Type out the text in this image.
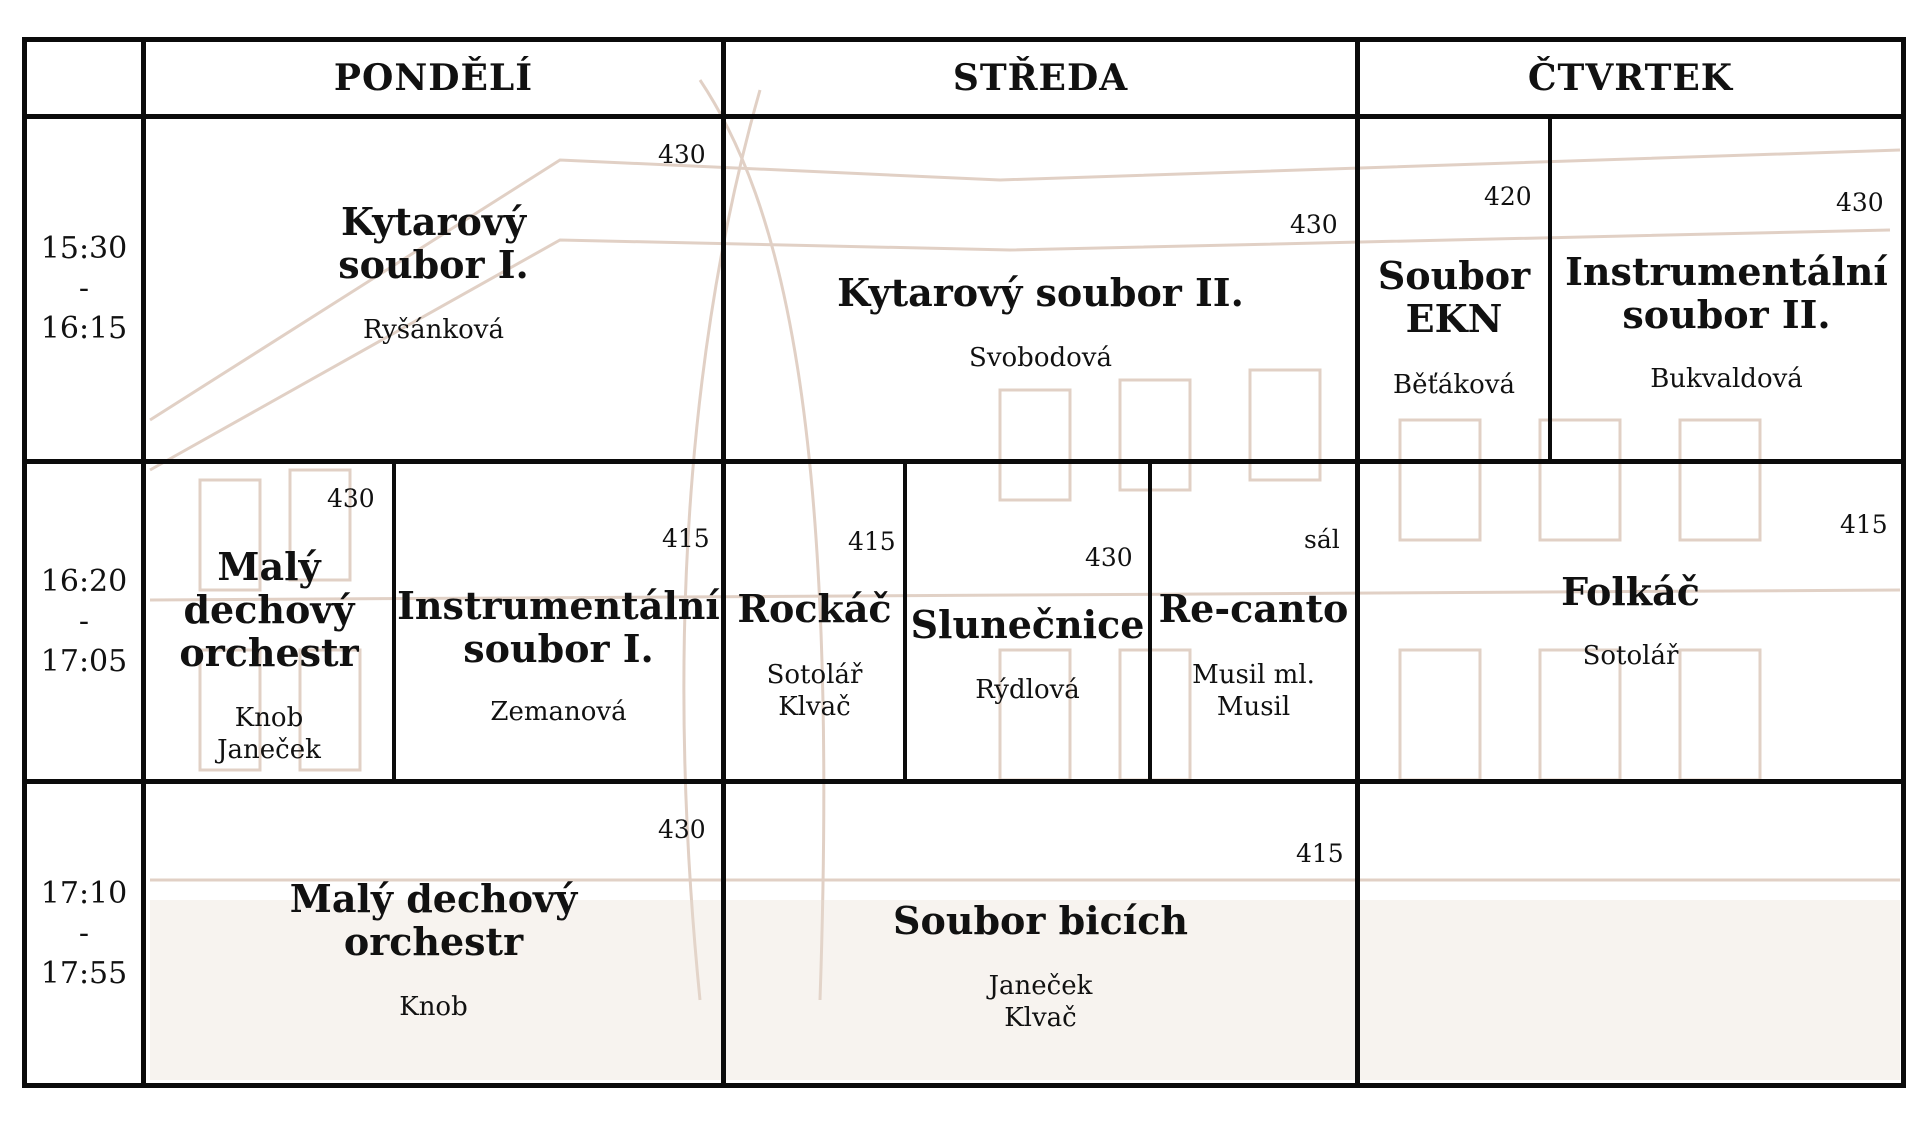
PONDĚLÍ	STŘEDA	ČTVRTEK
15:30
-
16:15
16:20
-
17:05
17:10
-
17:55
430
Kytarový
soubor I.
Ryšánková
430
Kytarový soubor II.
Svobodová
420
Soubor
EKN
Běťáková
430
Instrumentální
soubor II.
Bukvaldová
430
Malý
dechový
orchestr
Knob
Janeček
415
Instrumentální
soubor I.
Zemanová
415
Rockáč
Sotolář
Klvač
430
Slunečnice
Rýdlová
sál
Re-canto
Musil ml.
Musil
415
Folkáč
Sotolář
430
Malý dechový
orchestr
Knob
415
Soubor bicích
Janeček
Klvač
